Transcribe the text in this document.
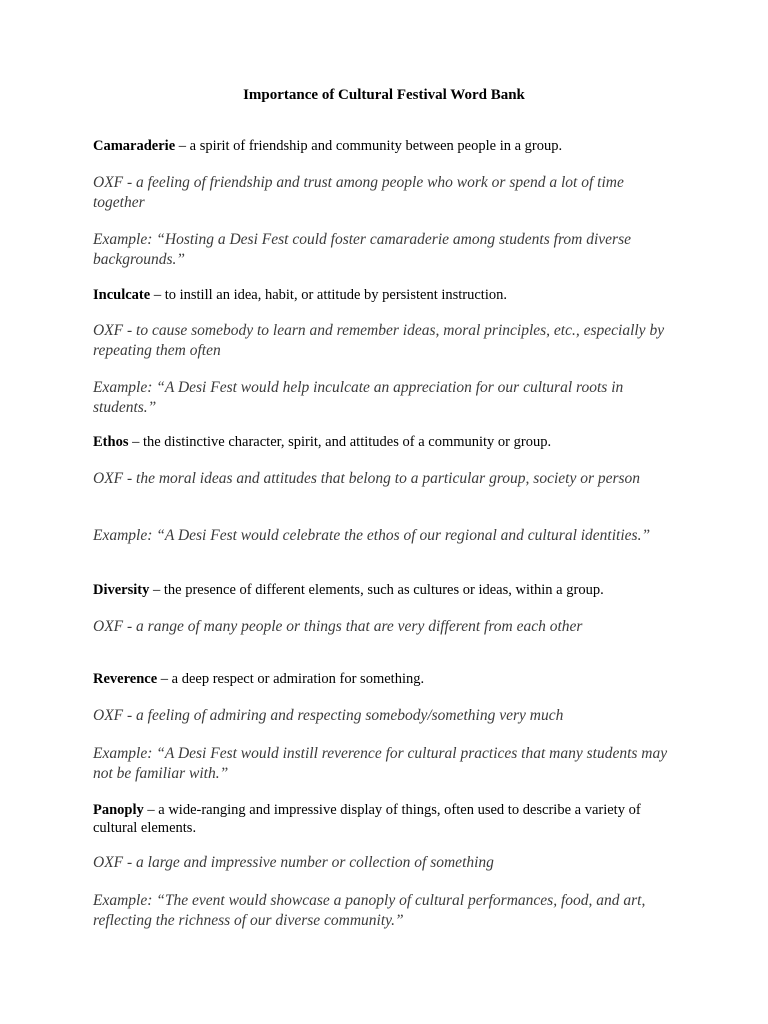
Importance of Cultural Festival Word Bank

Camaraderie – a spirit of friendship and community between people in a group.

OXF - a feeling of friendship and trust among people who work or spend a lot of time together

Example: “Hosting a Desi Fest could foster camaraderie among students from diverse backgrounds.”

Inculcate – to instill an idea, habit, or attitude by persistent instruction.

OXF - to cause somebody to learn and remember ideas, moral principles, etc., especially by repeating them often

Example: “A Desi Fest would help inculcate an appreciation for our cultural roots in students.”

Ethos – the distinctive character, spirit, and attitudes of a community or group.

OXF - the moral ideas and attitudes that belong to a particular group, society or person

Example: “A Desi Fest would celebrate the ethos of our regional and cultural identities.”

Diversity – the presence of different elements, such as cultures or ideas, within a group.

OXF - a range of many people or things that are very different from each other

Reverence – a deep respect or admiration for something.

OXF - a feeling of admiring and respecting somebody/something very much

Example: “A Desi Fest would instill reverence for cultural practices that many students may not be familiar with.”

Panoply – a wide-ranging and impressive display of things, often used to describe a variety of cultural elements.

OXF - a large and impressive number or collection of something

Example: “The event would showcase a panoply of cultural performances, food, and art, reflecting the richness of our diverse community.”
